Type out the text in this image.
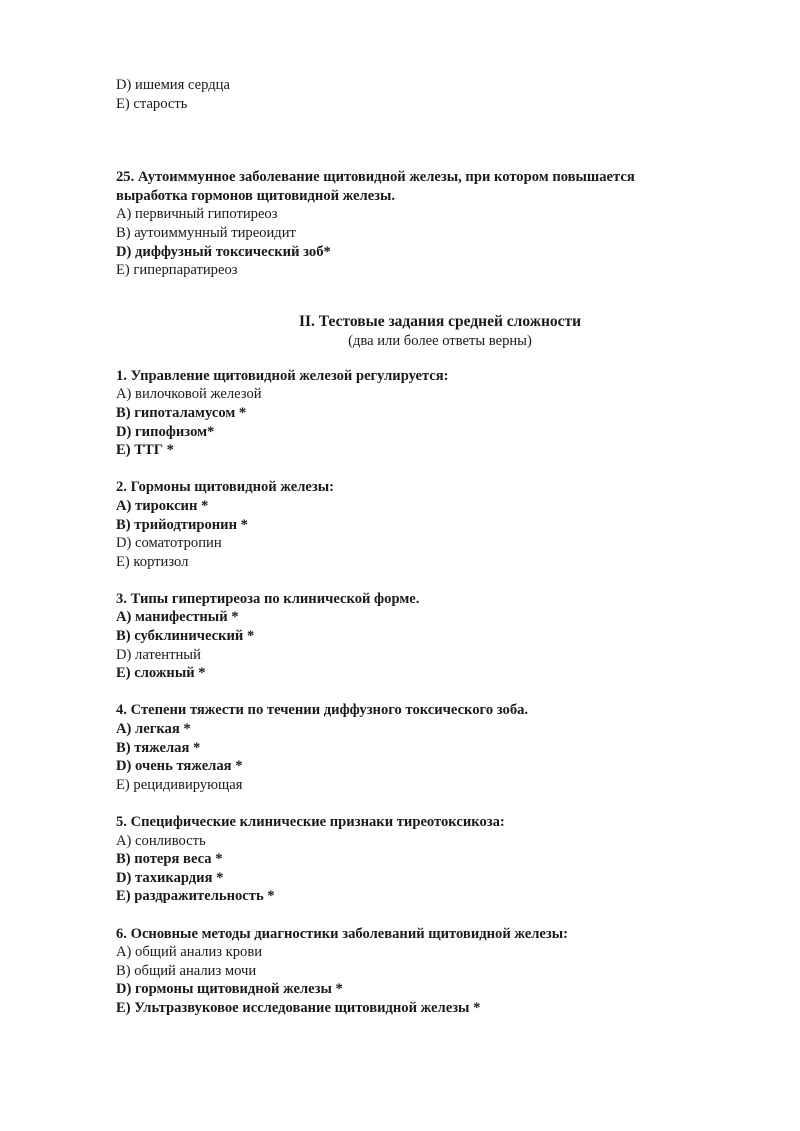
D) ишемия сердца
E) старость
25. Аутоиммунное заболевание щитовидной железы, при котором повышается выработка гормонов щитовидной железы.
A) первичный гипотиреоз
B) аутоиммунный тиреоидит
D) диффузный токсический зоб*
E) гиперпаратиреоз
II. Тестовые задания средней сложности
(два или более ответы верны)
1. Управление щитовидной железой регулируется:
A) вилочковой железой
B) гипоталамусом *
D) гипофизом*
E) ТТГ *
2. Гормоны щитовидной железы:
A) тироксин *
B) трийодтиронин *
D) соматотропин
E) кортизол
3. Типы гипертиреоза по клинической форме.
A) манифестный *
B) субклинический *
D) латентный
E) сложный *
4. Степени тяжести по течении диффузного токсического зоба.
A) легкая *
B) тяжелая *
D) очень тяжелая *
E) рецидивирующая
5. Специфические клинические признаки тиреотоксикоза:
A) сонливость
B) потеря веса *
D) тахикардия *
E) раздражительность *
6. Основные методы диагностики заболеваний щитовидной железы:
A) общий анализ крови
B) общий анализ мочи
D) гормоны щитовидной железы *
E) Ультразвуковое исследование щитовидной железы *
